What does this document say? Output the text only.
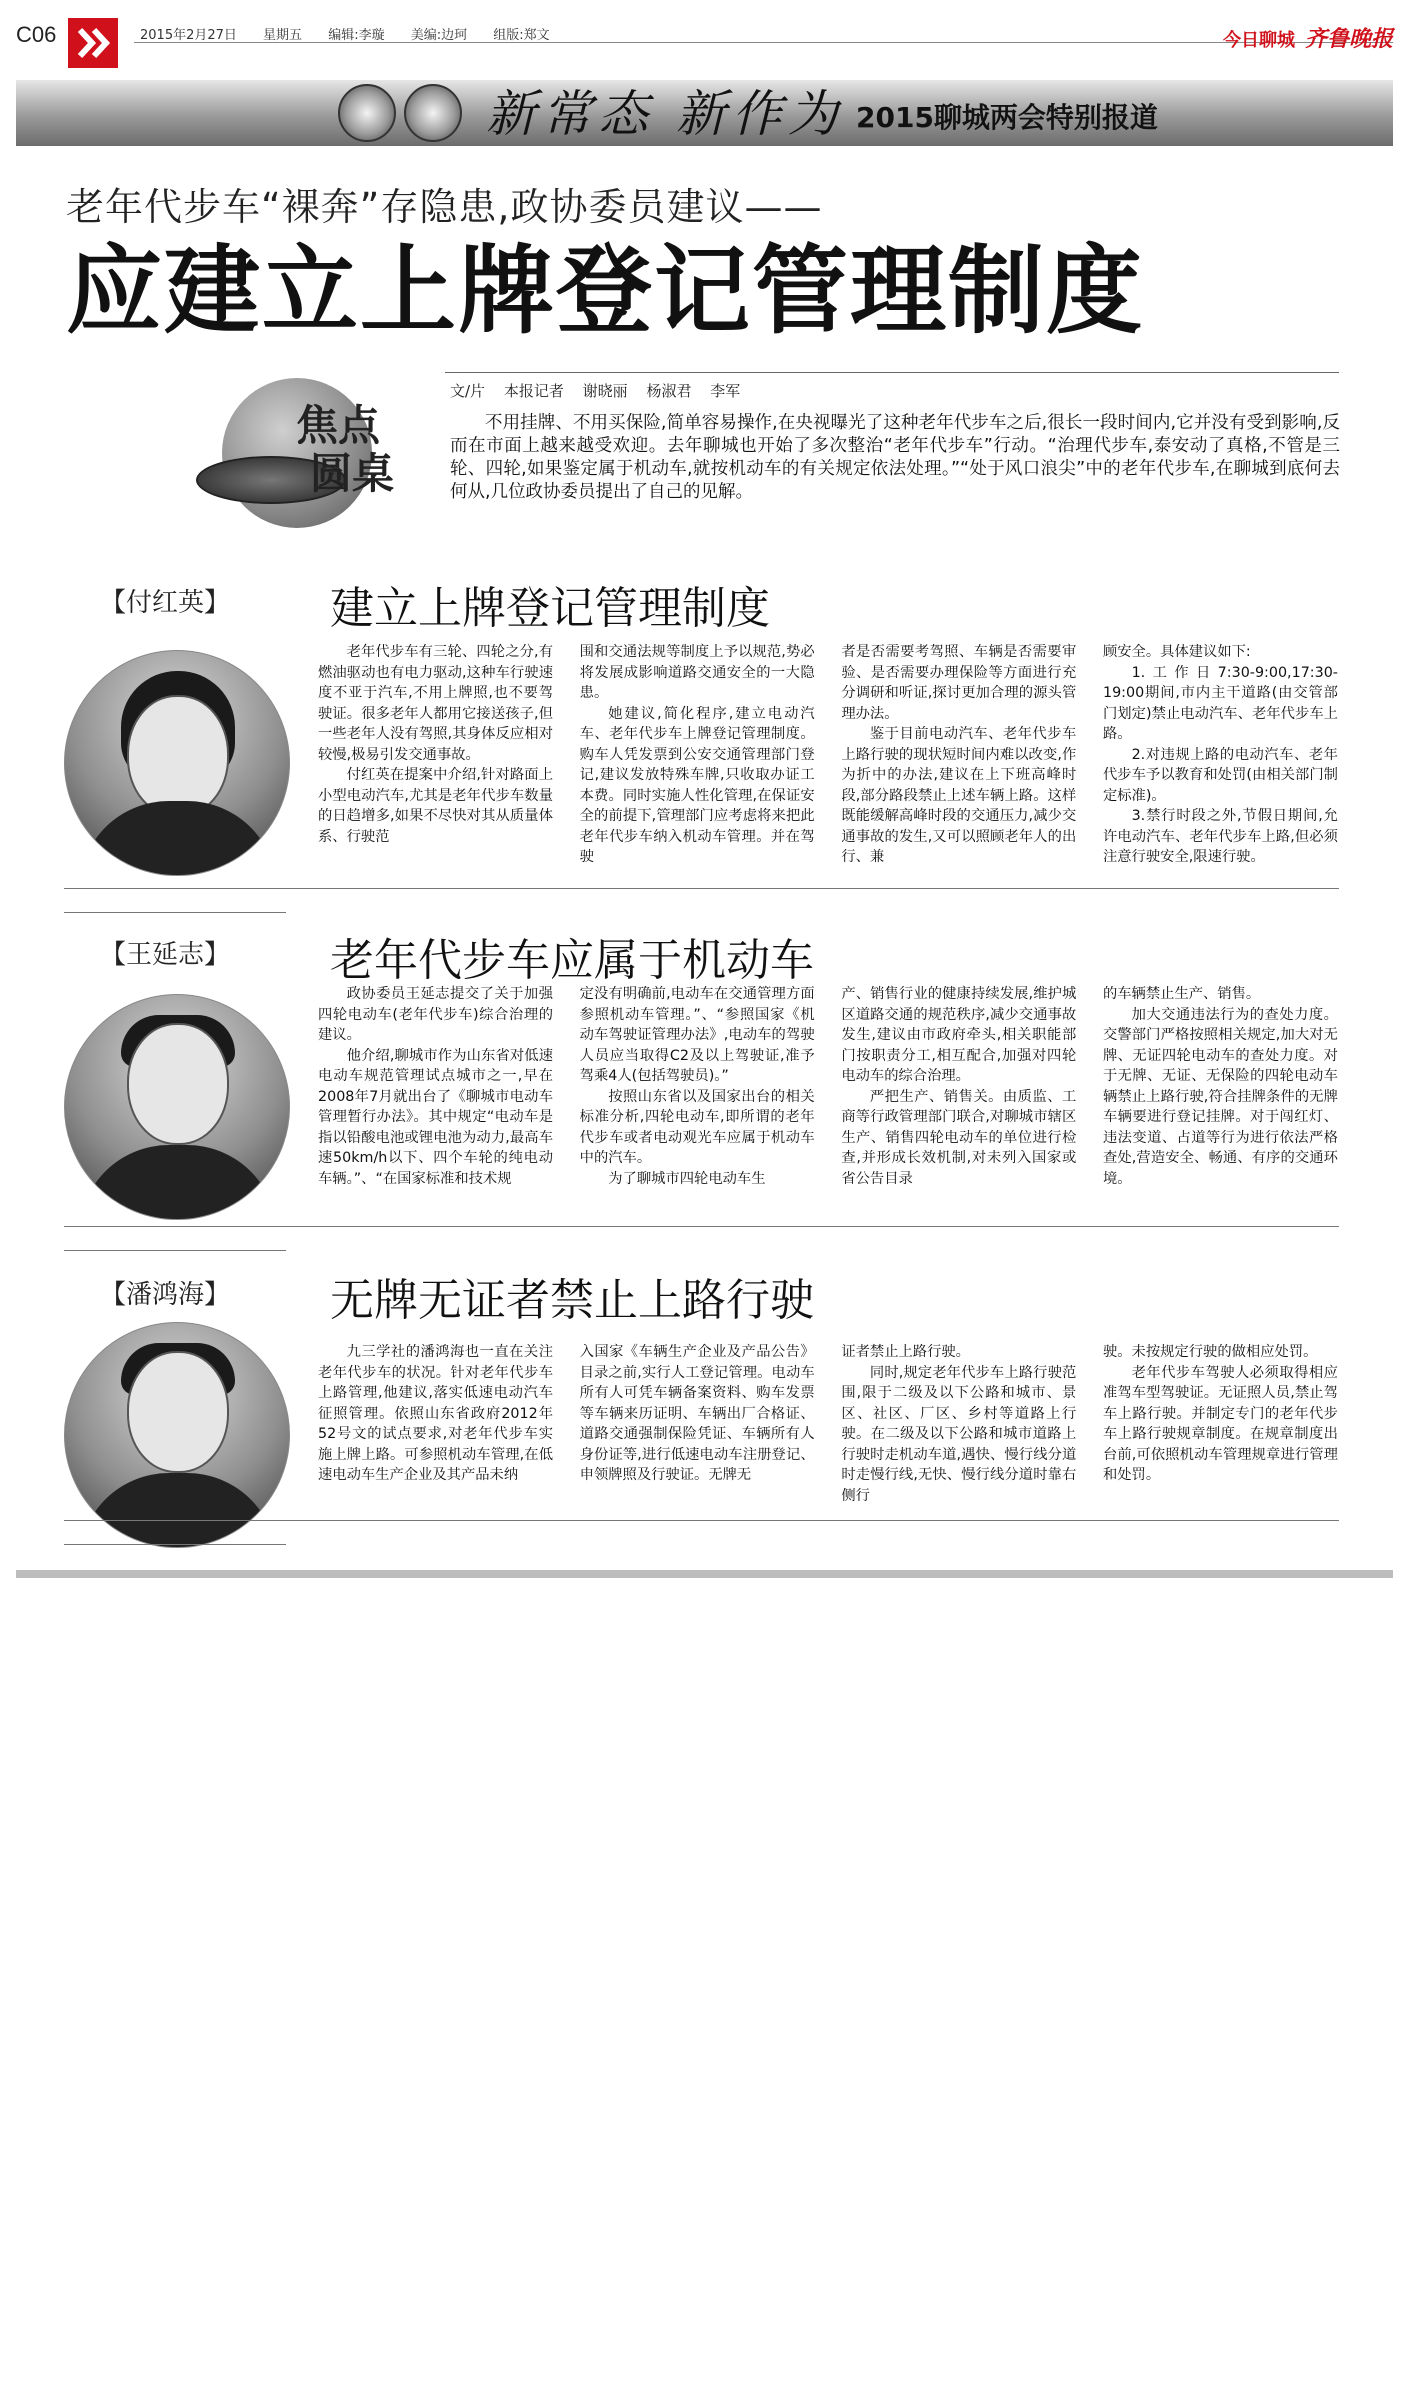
C06	2015年2月27日 星期五 编辑:李璇 美编:边珂 组版:郑文	今日聊城 齐鲁晚报
新常态 新作为 2015聊城两会特别报道
老年代步车“裸奔”存隐患,政协委员建议——
应建立上牌登记管理制度
文/片 本报记者 谢晓丽 杨淑君 李军
焦点
圆桌
不用挂牌、不用买保险,简单容易操作,在央视曝光了这种老年代步车之后,很长一段时间内,它并没有受到影响,反而在市面上越来越受欢迎。去年聊城也开始了多次整治“老年代步车”行动。“治理代步车,泰安动了真格,不管是三轮、四轮,如果鉴定属于机动车,就按机动车的有关规定依法处理。”“处于风口浪尖”中的老年代步车,在聊城到底何去何从,几位政协委员提出了自己的见解。
【付红英】 建立上牌登记管理制度

老年代步车有三轮、四轮之分,有燃油驱动也有电力驱动,这种车行驶速度不亚于汽车,不用上牌照,也不要驾驶证。很多老年人都用它接送孩子,但一些老年人没有驾照,其身体反应相对较慢,极易引发交通事故。

付红英在提案中介绍,针对路面上小型电动汽车,尤其是老年代步车数量的日趋增多,如果不尽快对其从质量体系、行驶范

围和交通法规等制度上予以规范,势必将发展成影响道路交通安全的一大隐患。

她建议,简化程序,建立电动汽车、老年代步车上牌登记管理制度。购车人凭发票到公安交通管理部门登记,建议发放特殊车牌,只收取办证工本费。同时实施人性化管理,在保证安全的前提下,管理部门应考虑将来把此老年代步车纳入机动车管理。并在驾驶

者是否需要考驾照、车辆是否需要审验、是否需要办理保险等方面进行充分调研和听证,探讨更加合理的源头管理办法。

鉴于目前电动汽车、老年代步车上路行驶的现状短时间内难以改变,作为折中的办法,建议在上下班高峰时段,部分路段禁止上述车辆上路。这样既能缓解高峰时段的交通压力,减少交通事故的发生,又可以照顾老年人的出行、兼

顾安全。具体建议如下:

1.工作日7:30-9:00,17:30-19:00期间,市内主干道路(由交管部门划定)禁止电动汽车、老年代步车上路。

2.对违规上路的电动汽车、老年代步车予以教育和处罚(由相关部门制定标准)。

3.禁行时段之外,节假日期间,允许电动汽车、老年代步车上路,但必须注意行驶安全,限速行驶。

【王延志】 老年代步车应属于机动车

政协委员王延志提交了关于加强四轮电动车(老年代步车)综合治理的建议。

他介绍,聊城市作为山东省对低速电动车规范管理试点城市之一,早在2008年7月就出台了《聊城市电动车管理暂行办法》。其中规定“电动车是指以铅酸电池或锂电池为动力,最高车速50km/h以下、四个车轮的纯电动车辆。”、“在国家标准和技术规

定没有明确前,电动车在交通管理方面参照机动车管理。”、“参照国家《机动车驾驶证管理办法》,电动车的驾驶人员应当取得C2及以上驾驶证,准予驾乘4人(包括驾驶员)。”

按照山东省以及国家出台的相关标准分析,四轮电动车,即所谓的老年代步车或者电动观光车应属于机动车中的汽车。

为了聊城市四轮电动车生

产、销售行业的健康持续发展,维护城区道路交通的规范秩序,减少交通事故发生,建议由市政府牵头,相关职能部门按职责分工,相互配合,加强对四轮电动车的综合治理。

严把生产、销售关。由质监、工商等行政管理部门联合,对聊城市辖区生产、销售四轮电动车的单位进行检查,并形成长效机制,对未列入国家或省公告目录

的车辆禁止生产、销售。

加大交通违法行为的查处力度。交警部门严格按照相关规定,加大对无牌、无证四轮电动车的查处力度。对于无牌、无证、无保险的四轮电动车辆禁止上路行驶,符合挂牌条件的无牌车辆要进行登记挂牌。对于闯红灯、违法变道、占道等行为进行依法严格查处,营造安全、畅通、有序的交通环境。

【潘鸿海】 无牌无证者禁止上路行驶

九三学社的潘鸿海也一直在关注老年代步车的状况。针对老年代步车上路管理,他建议,落实低速电动汽车征照管理。依照山东省政府2012年52号文的试点要求,对老年代步车实施上牌上路。可参照机动车管理,在低速电动车生产企业及其产品未纳

入国家《车辆生产企业及产品公告》目录之前,实行人工登记管理。电动车所有人可凭车辆备案资料、购车发票等车辆来历证明、车辆出厂合格证、道路交通强制保险凭证、车辆所有人身份证等,进行低速电动车注册登记、申领牌照及行驶证。无牌无

证者禁止上路行驶。

同时,规定老年代步车上路行驶范围,限于二级及以下公路和城市、景区、社区、厂区、乡村等道路上行驶。在二级及以下公路和城市道路上行驶时走机动车道,遇快、慢行线分道时走慢行线,无快、慢行线分道时靠右侧行

驶。未按规定行驶的做相应处罚。

老年代步车驾驶人必须取得相应准驾车型驾驶证。无证照人员,禁止驾车上路行驶。并制定专门的老年代步车上路行驶规章制度。在规章制度出台前,可依照机动车管理规章进行管理和处罚。
